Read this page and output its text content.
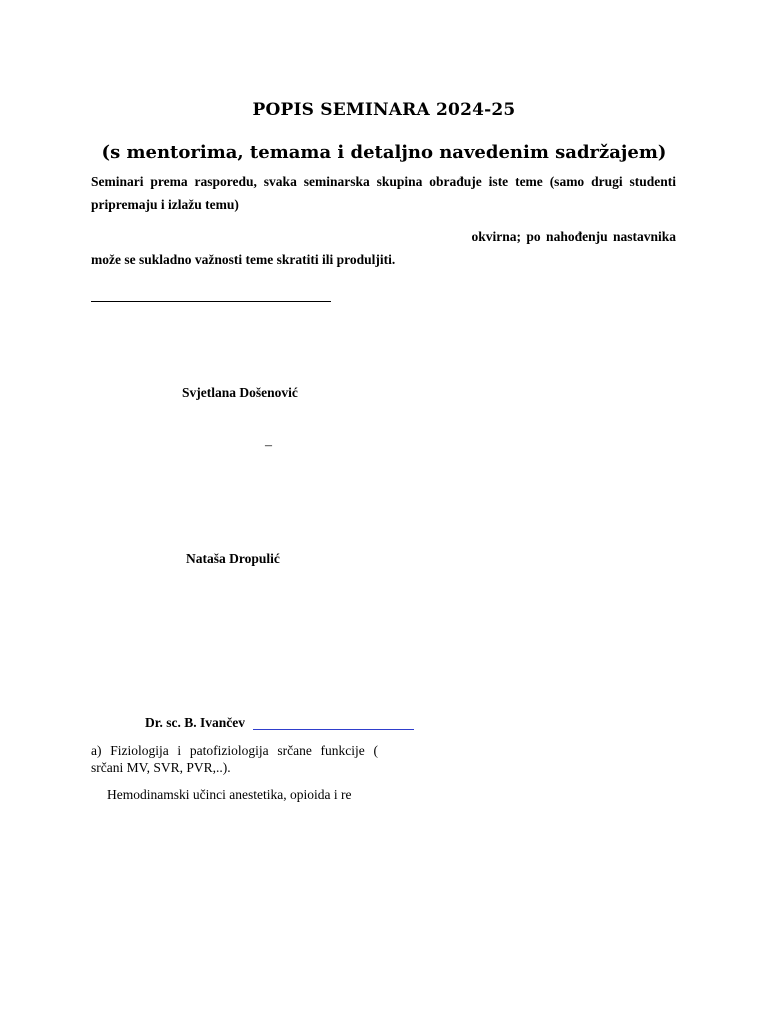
POPIS SEMINARA 2024-25
(s mentorima, temama i detaljno navedenim sadržajem)
Seminari prema rasporedu, svaka seminarska skupina obrađuje iste teme (samo drugi studenti pripremaju i izlažu temu)
okvirna; po nahođenju nastavnika
može se sukladno važnosti teme skratiti ili produljiti.
Svjetlana Došenović
–
Nataša Dropulić
Dr. sc. B. Ivančev
a) Fiziologija i patofiziologija srčane funkcije ( srčani MV, SVR, PVR,..).
Hemodinamski učinci anestetika, opioida i re
